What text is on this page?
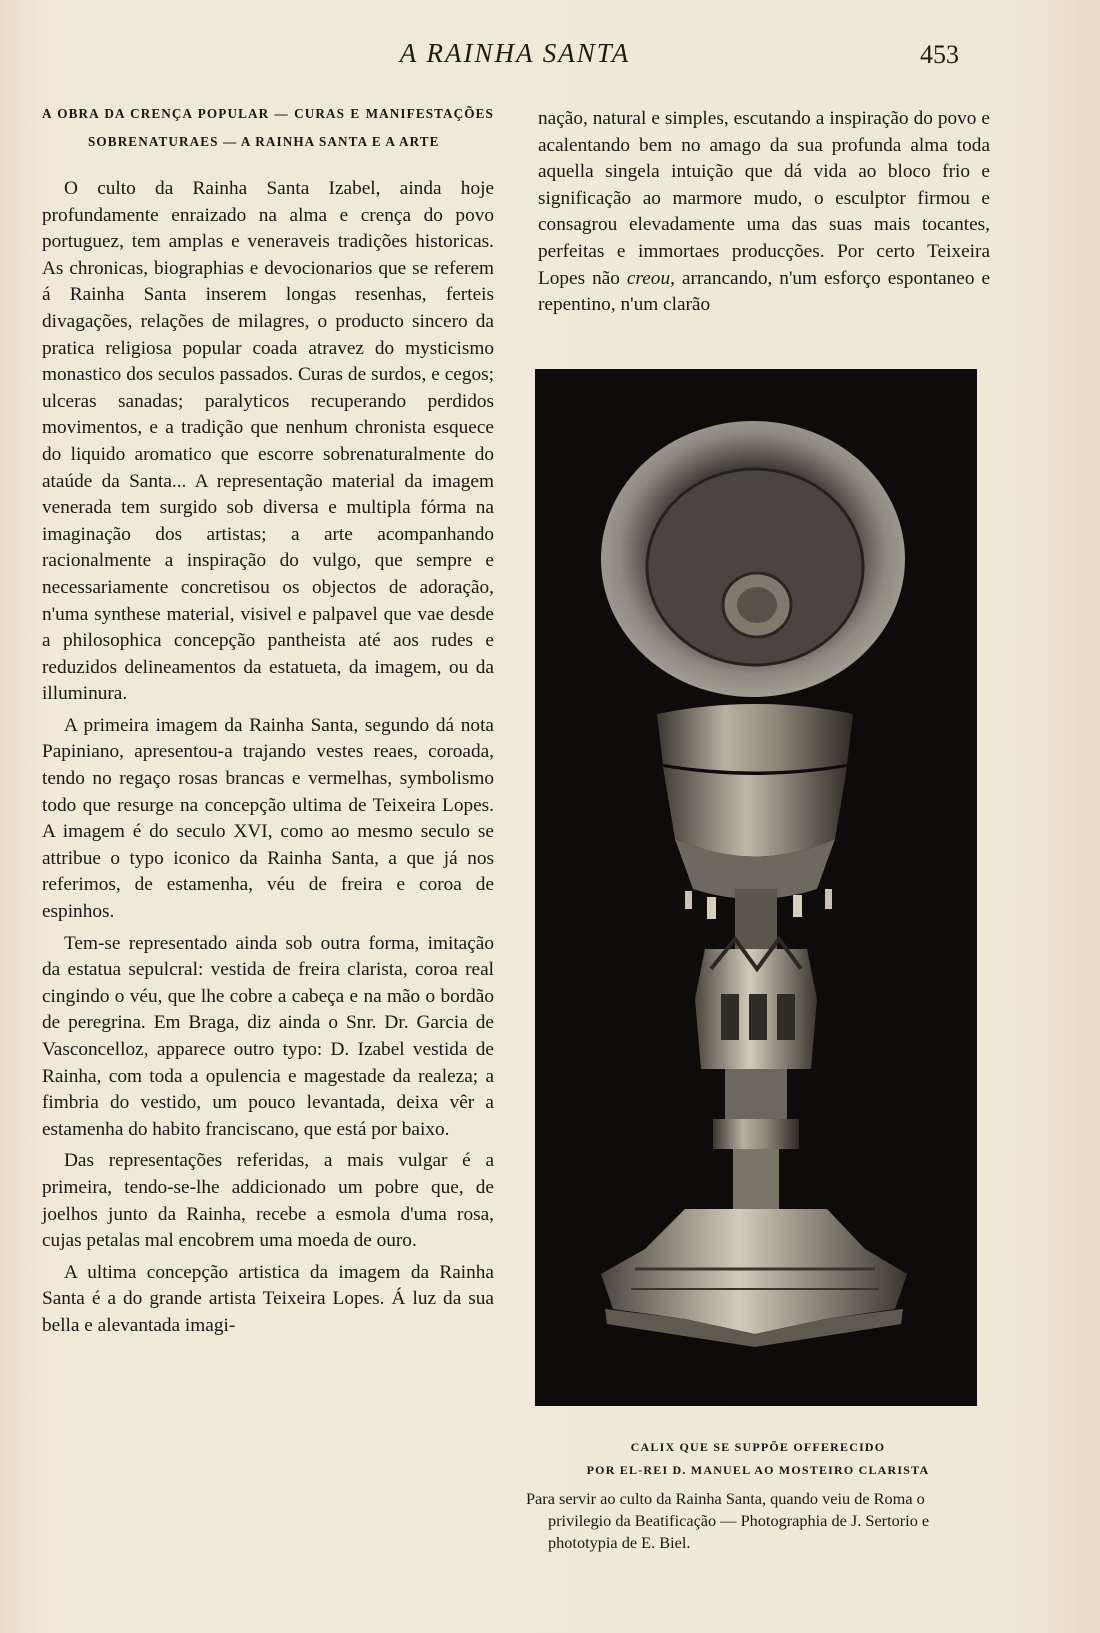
A RAINHA SANTA	453

A OBRA DA CRENÇA POPULAR — CURAS E MANIFESTAÇÕES SOBRENATURAES — A RAINHA SANTA E A ARTE

O culto da Rainha Santa Izabel, ainda hoje profundamente enraizado na alma e crença do povo portuguez, tem amplas e veneraveis tradições historicas. As chronicas, biographias e devocionarios que se referem á Rainha Santa inserem longas resenhas, ferteis divagações, relações de milagres, o producto sincero da pratica religiosa popular coada atravez do mysticismo monastico dos seculos passados. Curas de surdos, e cegos; ulceras sanadas; paralyticos recuperando perdidos movimentos, e a tradição que nenhum chronista esquece do liquido aromatico que escorre sobrenaturalmente do ataúde da Santa... A representação material da imagem venerada tem surgido sob diversa e multipla fórma na imaginação dos artistas; a arte acompanhando racionalmente a inspiração do vulgo, que sempre e necessariamente concretisou os objectos de adoração, n'uma synthese material, visivel e palpavel que vae desde a philosophica concepção pantheista até aos rudes e reduzidos delineamentos da estatueta, da imagem, ou da illuminura.

A primeira imagem da Rainha Santa, segundo dá nota Papiniano, apresentou-a trajando vestes reaes, coroada, tendo no regaço rosas brancas e vermelhas, symbolismo todo que resurge na concepção ultima de Teixeira Lopes. A imagem é do seculo XVI, como ao mesmo seculo se attribue o typo iconico da Rainha Santa, a que já nos referimos, de estamenha, véu de freira e coroa de espinhos.

Tem-se representado ainda sob outra forma, imitação da estatua sepulcral: vestida de freira clarista, coroa real cingindo o véu, que lhe cobre a cabeça e na mão o bordão de peregrina. Em Braga, diz ainda o Snr. Dr. Garcia de Vasconcelloz, apparece outro typo: D. Izabel vestida de Rainha, com toda a opulencia e magestade da realeza; a fimbria do vestido, um pouco levantada, deixa vêr a estamenha do habito franciscano, que está por baixo.

Das representações referidas, a mais vulgar é a primeira, tendo-se-lhe addicionado um pobre que, de joelhos junto da Rainha, recebe a esmola d'uma rosa, cujas petalas mal encobrem uma moeda de ouro.

A ultima concepção artistica da imagem da Rainha Santa é a do grande artista Teixeira Lopes. Á luz da sua bella e alevantada imagi-

nação, natural e simples, escutando a inspiração do povo e acalentando bem no amago da sua profunda alma toda aquella singela intuição que dá vida ao bloco frio e significação ao marmore mudo, o esculptor firmou e consagrou elevadamente uma das suas mais tocantes, perfeitas e immortaes producções. Por certo Teixeira Lopes não creou, arrancando, n'um esforço espontaneo e repentino, n'um clarão

CALIX QUE SE SUPPÕE OFFERECIDO
POR EL-REI D. MANUEL AO MOSTEIRO CLARISTA
Para servir ao culto da Rainha Santa, quando veiu de Roma o privilegio da Beatificação — Photographia de J. Sertorio e phototypia de E. Biel.
